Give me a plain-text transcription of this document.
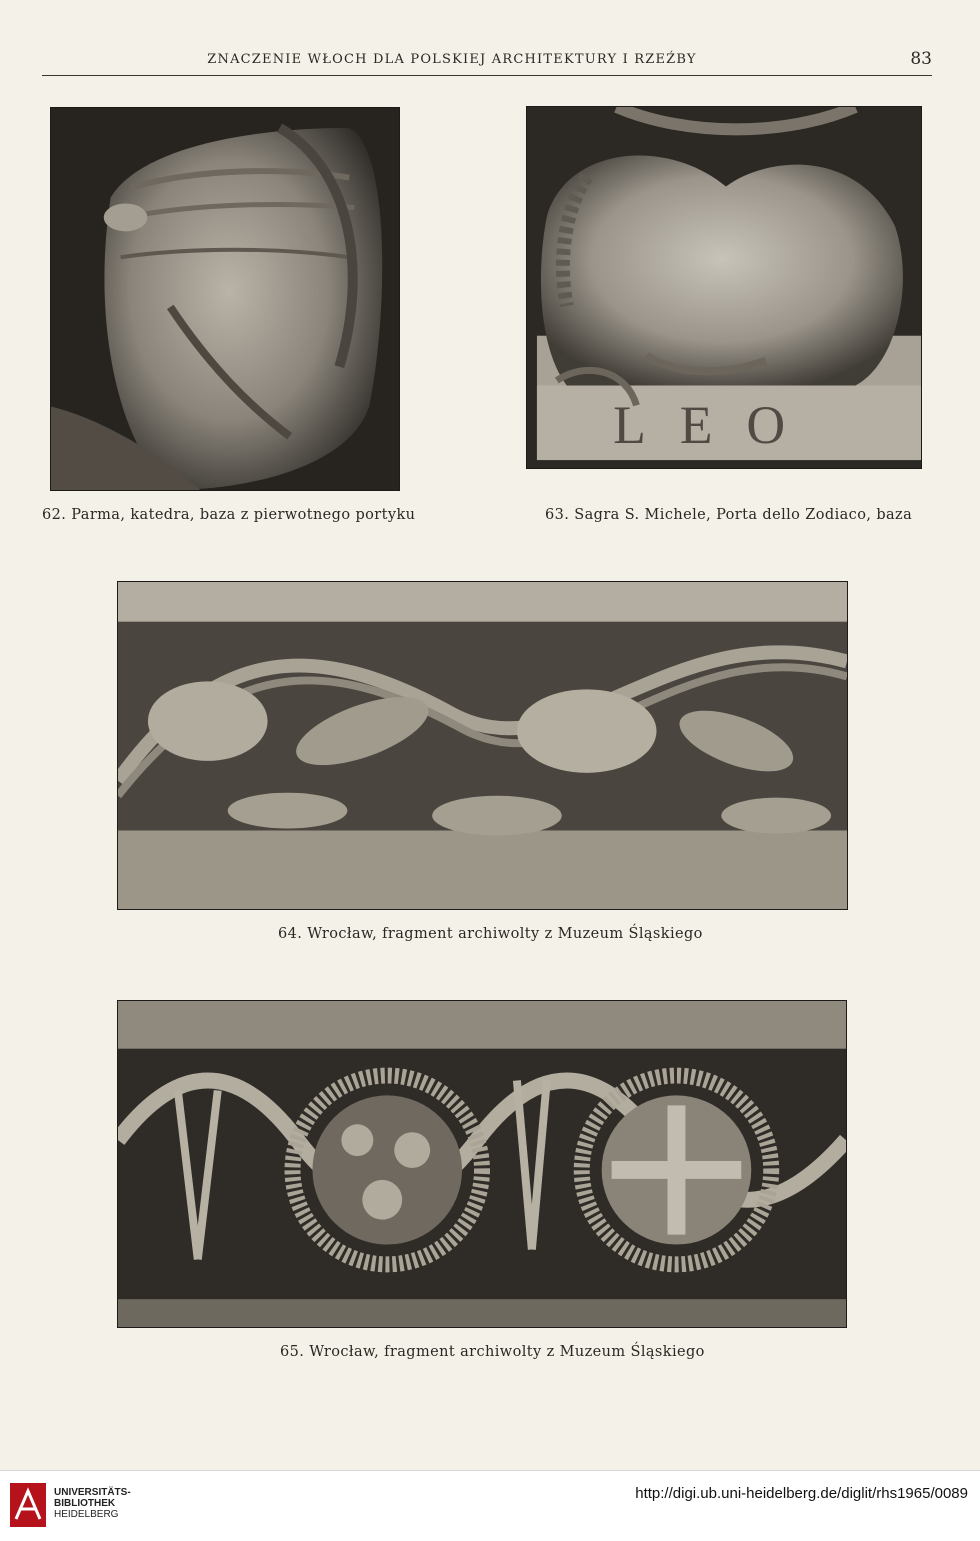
ZNACZENIE WŁOCH DLA POLSKIEJ ARCHITEKTURY I RZEŹBY	83
62. Parma, katedra, baza z pierwotnego portyku
LEO
63. Sagra S. Michele, Porta dello Zodiaco, baza
64. Wrocław, fragment archiwolty z Muzeum Śląskiego
65. Wrocław, fragment archiwolty z Muzeum Śląskiego
UNIVERSITÄTS-
BIBLIOTHEK
HEIDELBERG
http://digi.ub.uni-heidelberg.de/diglit/rhs1965/0089
